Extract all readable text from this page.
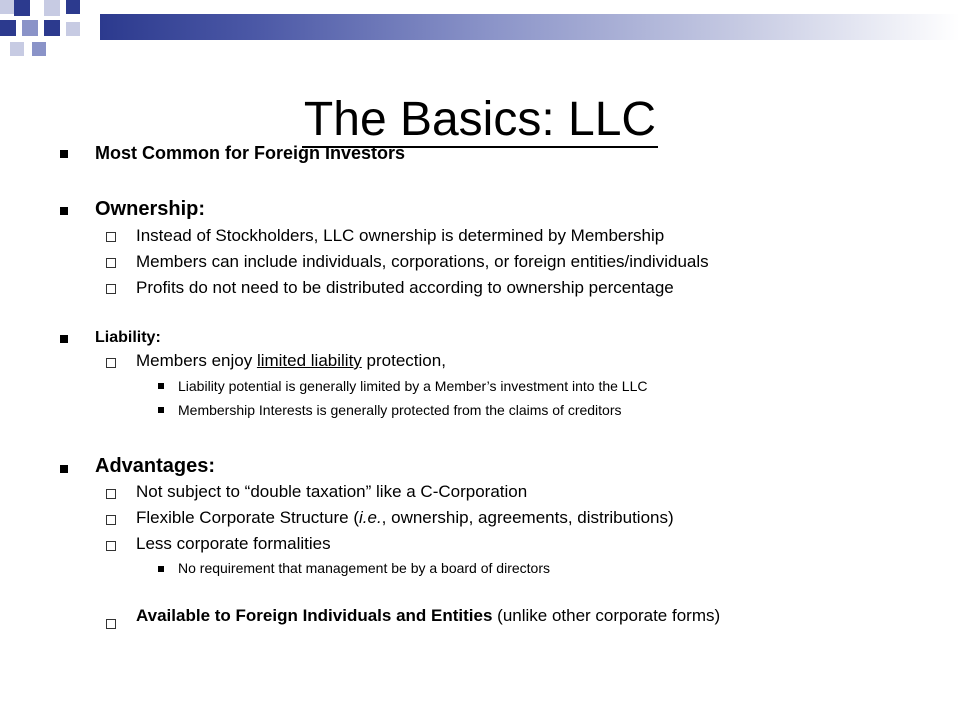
Most Common for Foreign Investors
Ownership:
Instead of Stockholders, LLC ownership is determined by Membership
Members can include individuals, corporations, or foreign entities/individuals
Profits do not need to be distributed according to ownership percentage
Liability:
Members enjoy limited liability protection,
Liability potential is generally limited by a Member’s investment into the LLC
Membership Interests is generally protected from the claims of creditors
Advantages:
Not subject to “double taxation” like a C-Corporation
Flexible Corporate Structure (i.e., ownership, agreements, distributions)
Less corporate formalities
No requirement that management be by a board of directors
Available to Foreign Individuals and Entities (unlike other corporate forms)
The Basics: LLC
